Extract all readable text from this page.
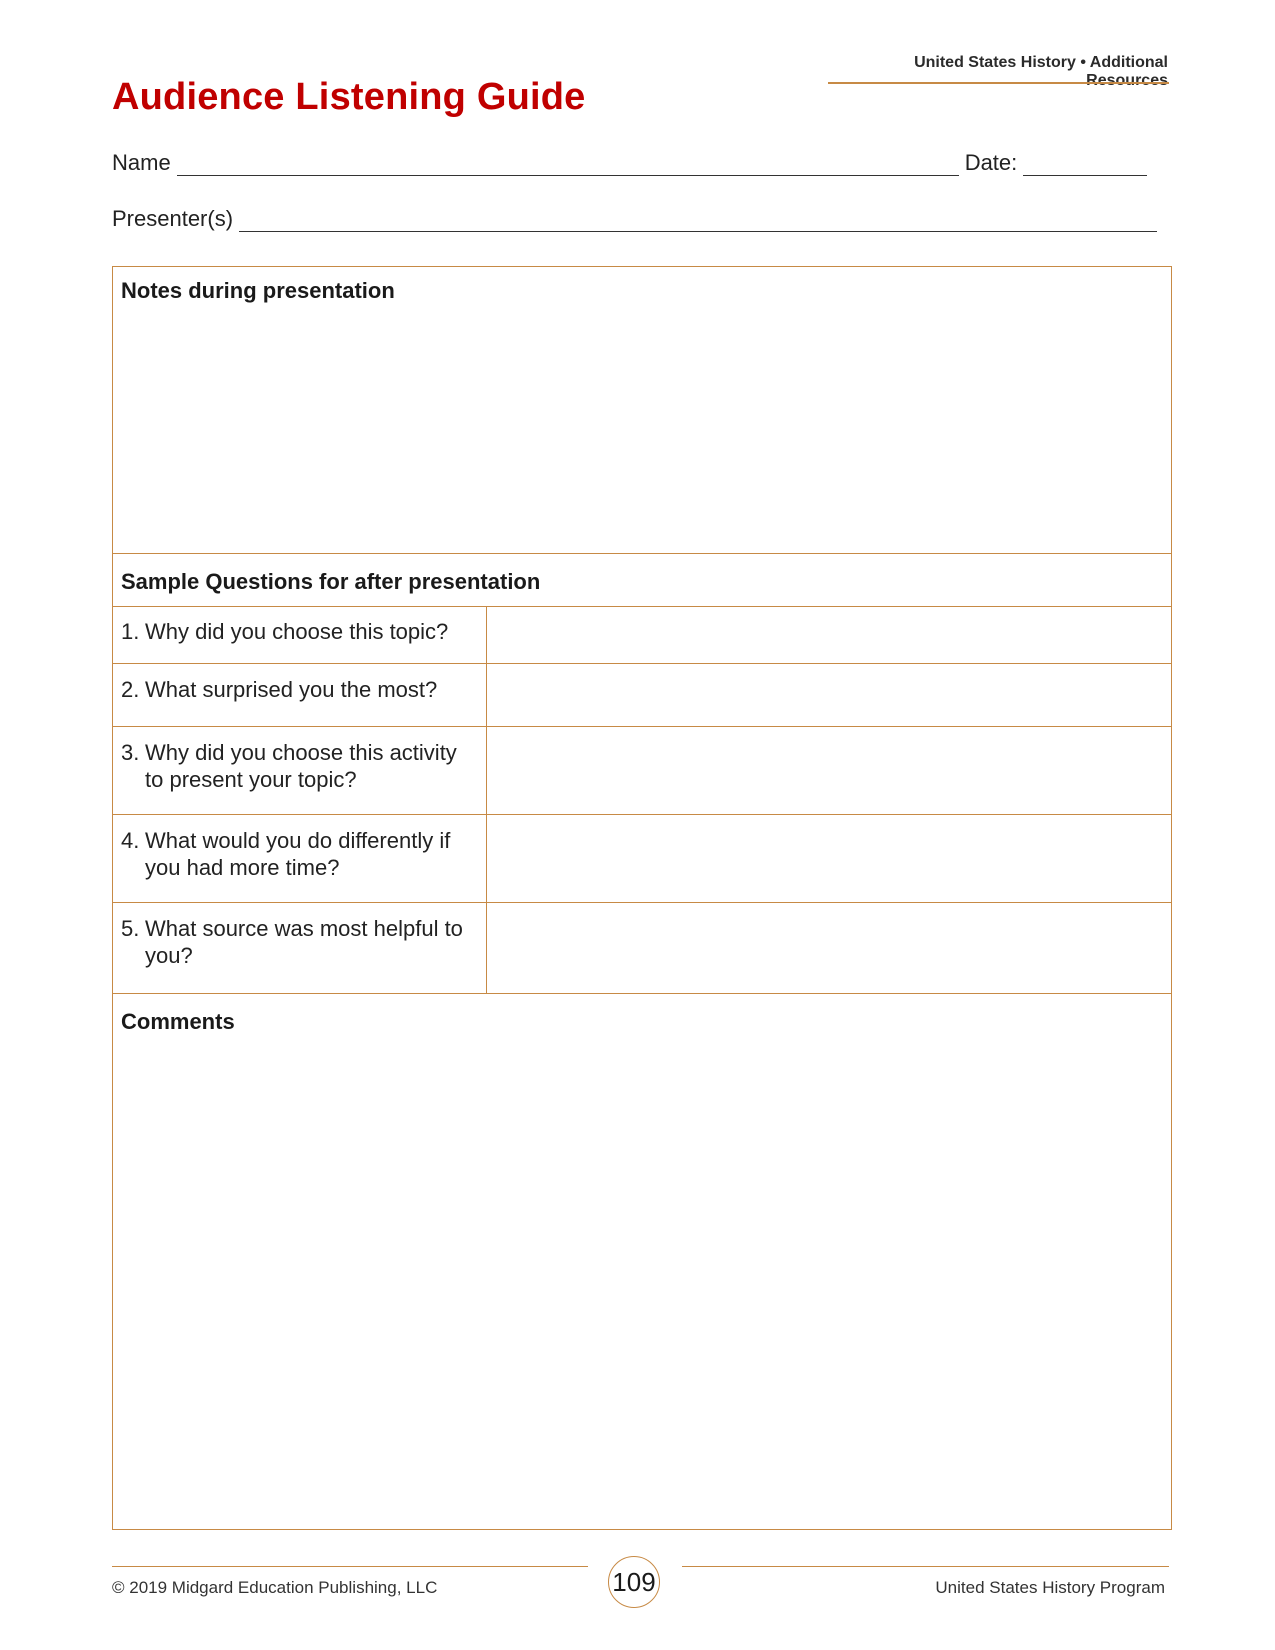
United States History • Additional Resources
Audience Listening Guide
Name	Date:
Presenter(s)
Notes during presentation
Sample Questions for after presentation
1. Why did you choose this topic?
2. What surprised you the most?
3. Why did you choose this activity to present your topic?
4. What would you do differently if you had more time?
5. What source was most helpful to you?
Comments
109
© 2019 Midgard Education Publishing, LLC	United States History Program
